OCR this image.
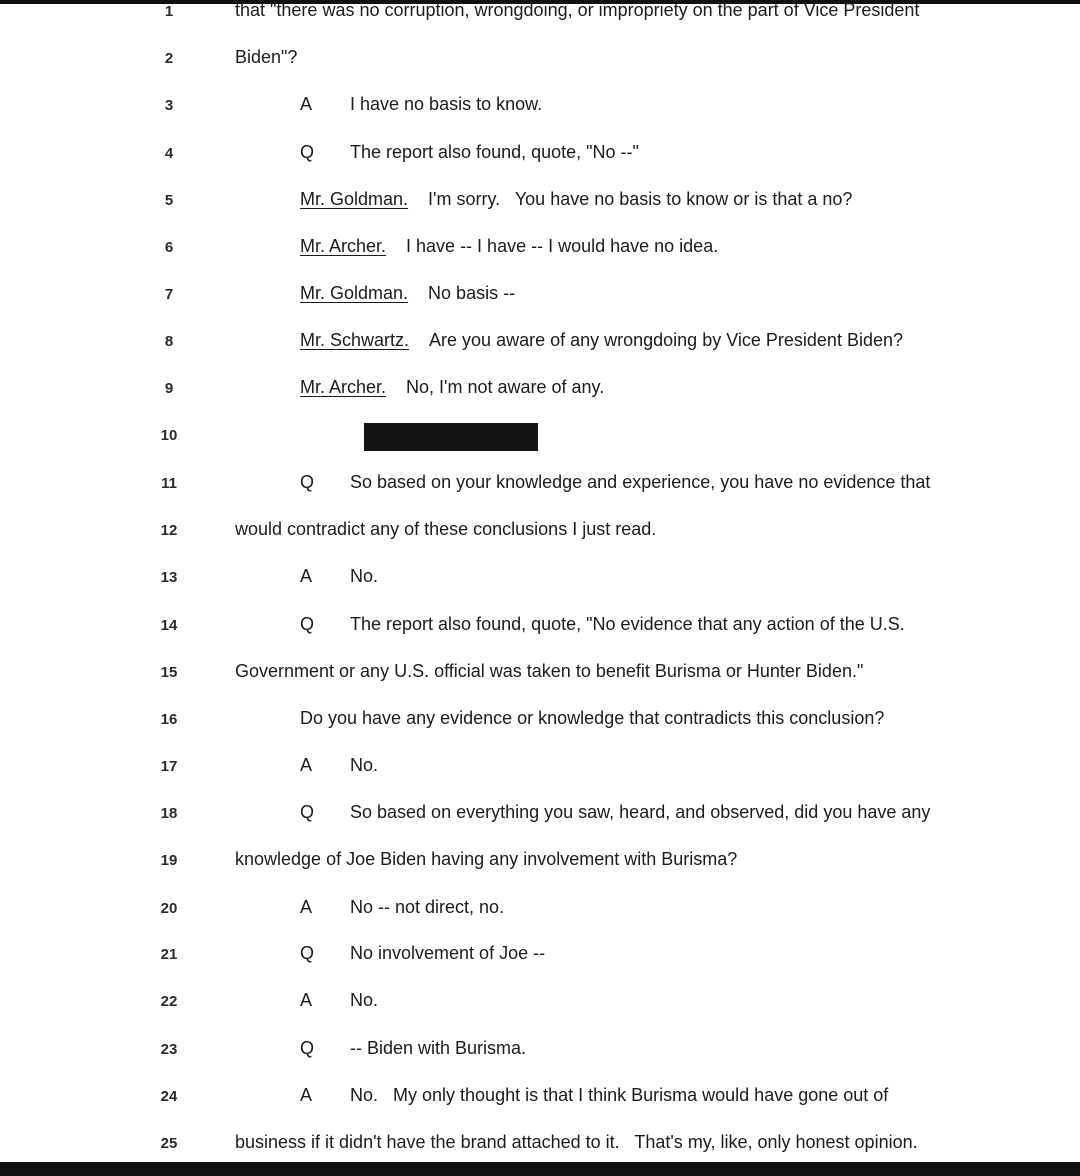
1	that "there was no corruption, wrongdoing, or impropriety on the part of Vice President
2	Biden"?
3	A	I have no basis to know.
4	Q The report also found, quote, "No --"
5	Mr. Goldman. I'm sorry.   You have no basis to know or is that a no?
6	Mr. Archer. I have -- I have -- I would have no idea.
7	Mr. Goldman. No basis --
8	Mr. Schwartz. Are you aware of any wrongdoing by Vice President Biden?
9	Mr. Archer. No, I'm not aware of any.
10
11	Q So based on your knowledge and experience, you have no evidence that
12	would contradict any of these conclusions I just read.
13	A	No.
14	Q The report also found, quote, "No evidence that any action of the U.S.
15	Government or any U.S. official was taken to benefit Burisma or Hunter Biden."
16	Do you have any evidence or knowledge that contradicts this conclusion?
17	A	No.
18	Q So based on everything you saw, heard, and observed, did you have any
19	knowledge of Joe Biden having any involvement with Burisma?
20	A	No -- not direct, no.
21	Q No involvement of Joe --
22	A	No.
23	Q -- Biden with Burisma.
24	A	No.   My only thought is that I think Burisma would have gone out of
25	business if it didn't have the brand attached to it.   That's my, like, only honest opinion.
